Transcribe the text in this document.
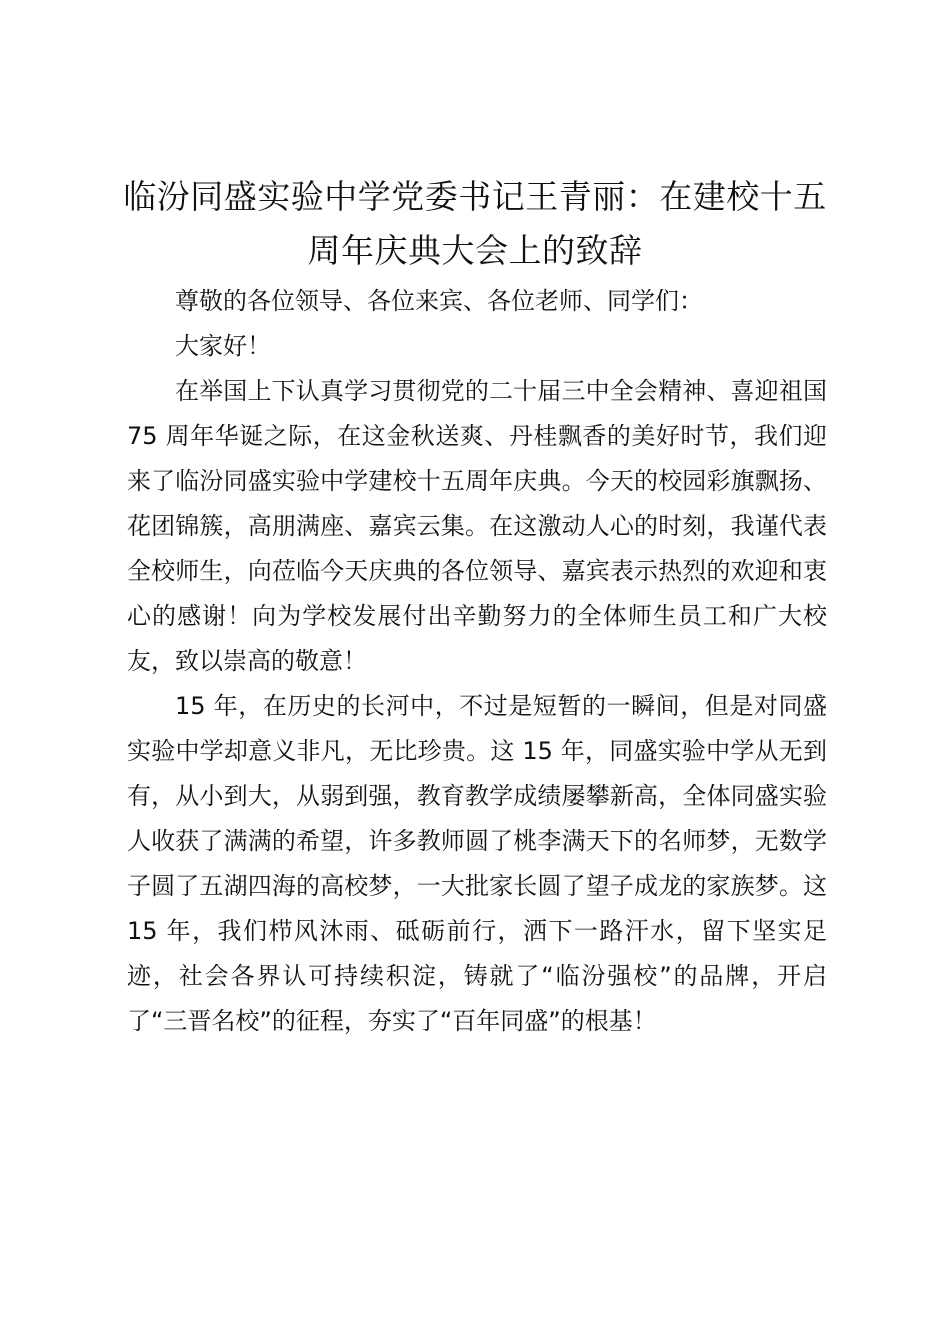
临汾同盛实验中学党委书记王青丽：在建校十五周年庆典大会上的致辞

尊敬的各位领导、各位来宾、各位老师、同学们：

大家好！

在举国上下认真学习贯彻党的二十届三中全会精神、喜迎祖国 75 周年华诞之际，在这金秋送爽、丹桂飘香的美好时节，我们迎来了临汾同盛实验中学建校十五周年庆典。今天的校园彩旗飘扬、花团锦簇，高朋满座、嘉宾云集。在这激动人心的时刻，我谨代表全校师生，向莅临今天庆典的各位领导、嘉宾表示热烈的欢迎和衷心的感谢！向为学校发展付出辛勤努力的全体师生员工和广大校友，致以崇高的敬意！

15 年，在历史的长河中，不过是短暂的一瞬间，但是对同盛实验中学却意义非凡，无比珍贵。这 15 年，同盛实验中学从无到有，从小到大，从弱到强，教育教学成绩屡攀新高，全体同盛实验人收获了满满的希望，许多教师圆了桃李满天下的名师梦，无数学子圆了五湖四海的高校梦，一大批家长圆了望子成龙的家族梦。这 15 年，我们栉风沐雨、砥砺前行，洒下一路汗水，留下坚实足迹，社会各界认可持续积淀，铸就了“临汾强校”的品牌，开启了“三晋名校”的征程，夯实了“百年同盛”的根基！
